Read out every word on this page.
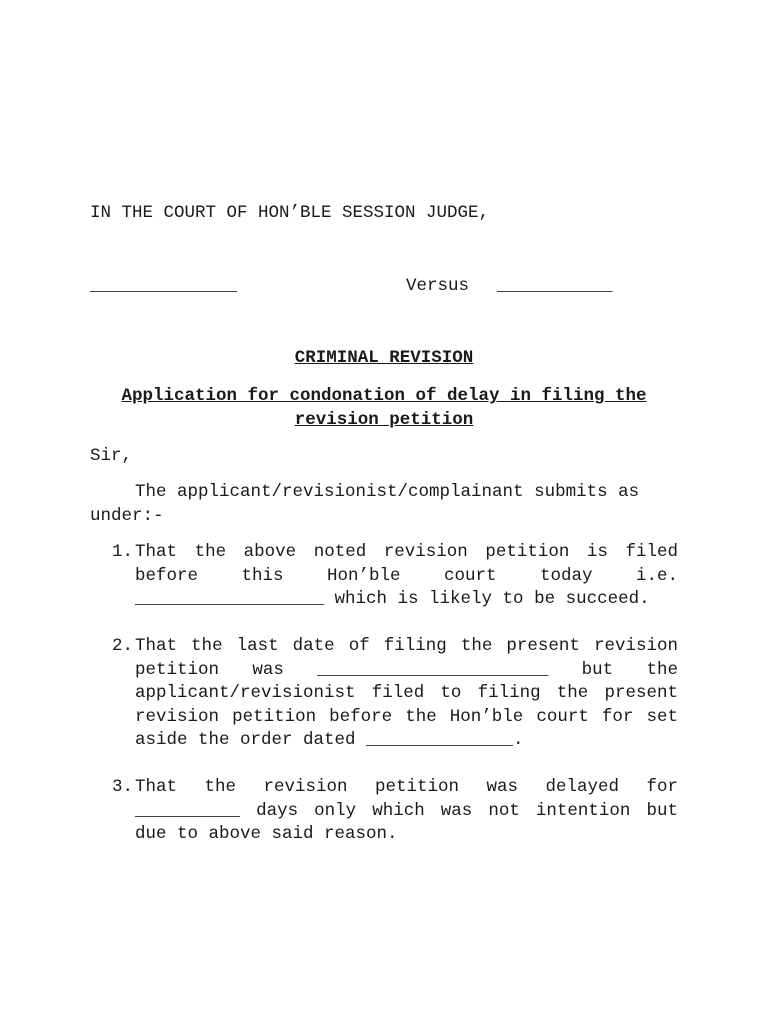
IN THE COURT OF HON’BLE SESSION JUDGE,
______________	Versus ___________
CRIMINAL REVISION
Application for condonation of delay in filing the
revision petition
Sir,
The applicant/revisionist/complainant submits as under:-
1. That the above noted revision petition is filed before this Hon’ble court today i.e. __________________ which is likely to be succeed.
2. That the last date of filing the present revision petition was ______________________ but the applicant/revisionist filed to filing the present revision petition before the Hon’ble court for set aside the order dated ______________.
3. That the revision petition was delayed for __________ days only which was not intention but due to above said reason.
